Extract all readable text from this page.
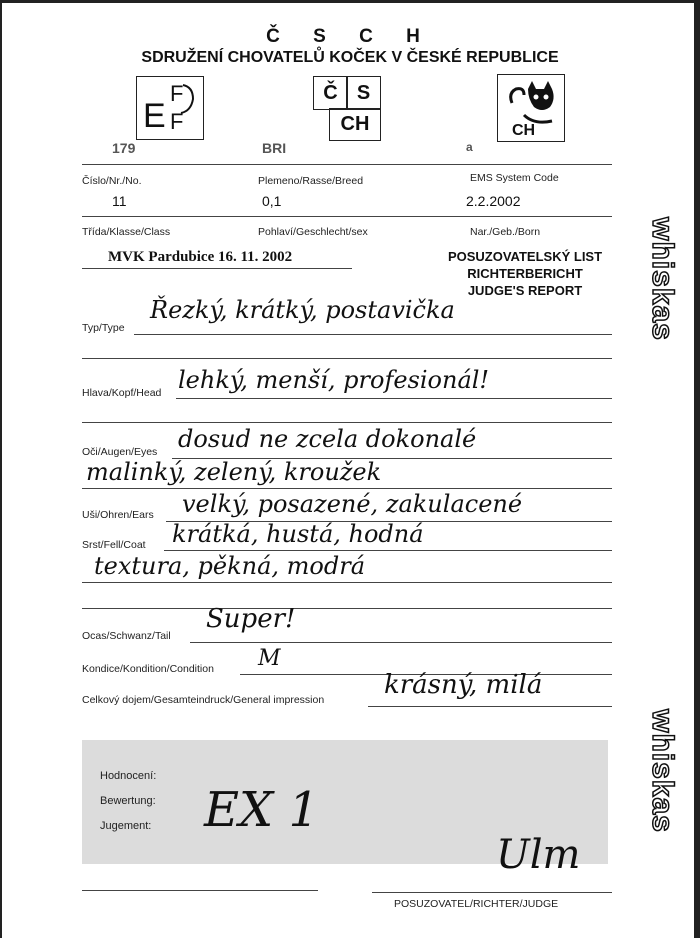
Č S C H
SDRUŽENÍ CHOVATELŮ KOČEK V ČESKÉ REPUBLICE
E
F
F
FIFE
Č S
CH	CH
179	BRI	a
Číslo/Nr./No.	Plemeno/Rasse/Breed	EMS System Code
11	0,1	2.2.2002
Třída/Klasse/Class	Pohlaví/Geschlecht/sex	Nar./Geb./Born
MVK Pardubice 16. 11. 2002	POSUZOVATELSKÝ LIST
RICHTERBERICHT
JUDGE'S REPORT
Typ/Type
Řezký, krátký, postavička
Hlava/Kopf/Head lehký, menší, profesionál!
Oči/Augen/Eyes dosud ne zcela dokonalé
malinký, zelený, kroužek
Uši/Ohren/Ears velký, posazené, zakulacené
Srst/Fell/Coat krátká, hustá, hodná
textura, pěkná, modrá
Ocas/Schwanz/Tail
Super!
Kondice/Kondition/Condition M
Celkový dojem/Gesamteindruck/General impression krásný, milá
Hodnocení:
Bewertung:
Jugement: EX 1
Ulm
POSUZOVATEL/RICHTER/JUDGE
whiskas
whiskas
